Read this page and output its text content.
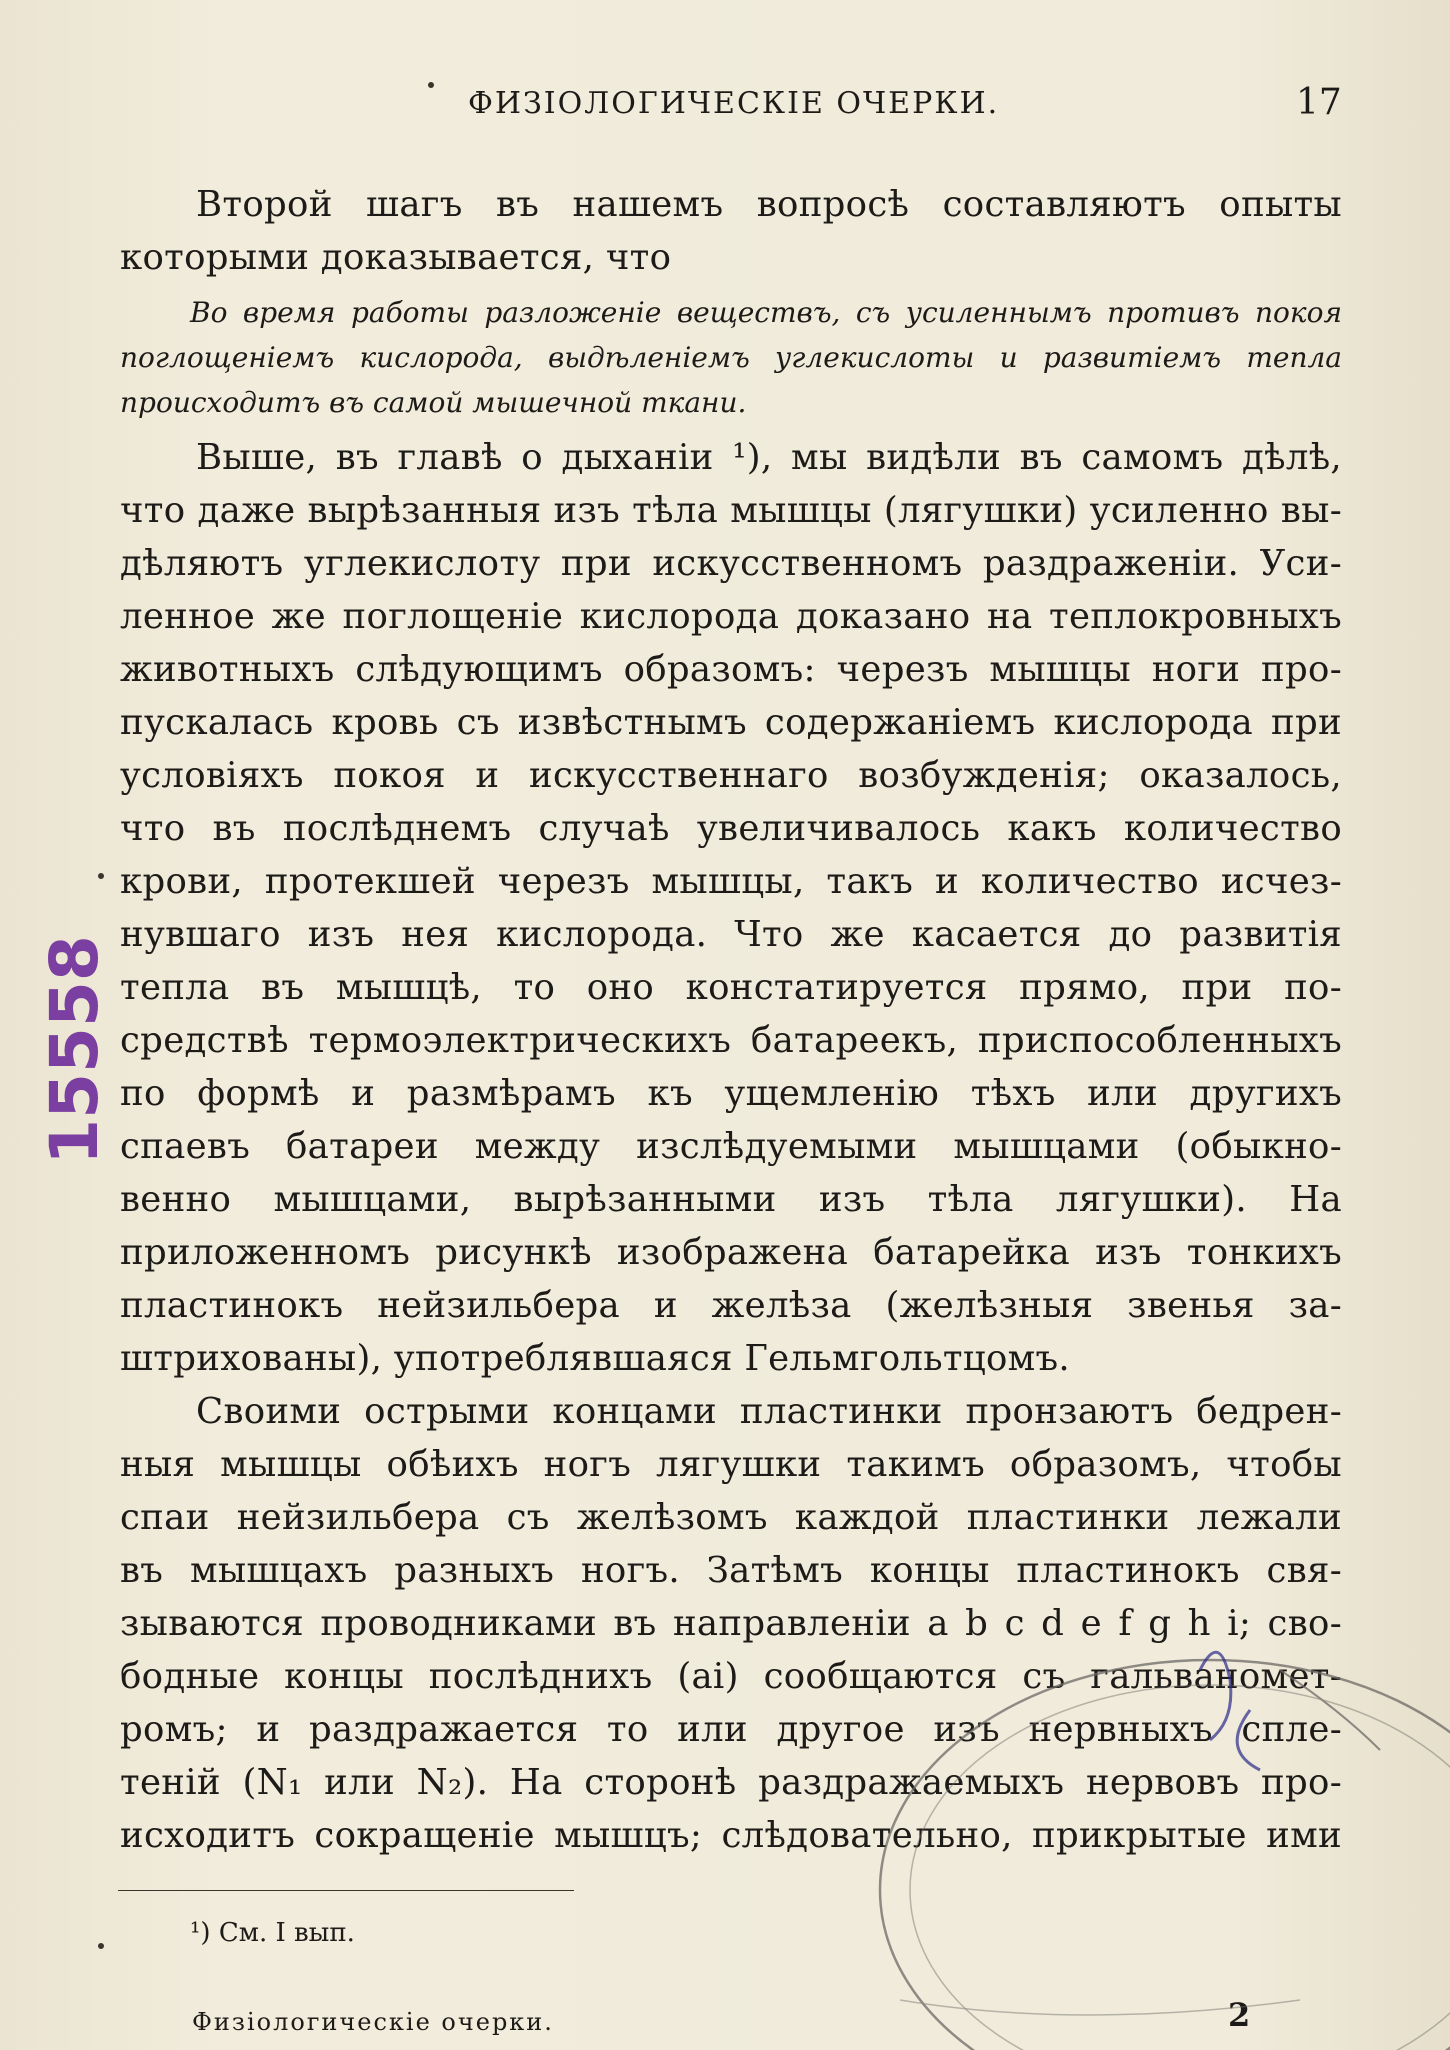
ФИЗIОЛОГИЧЕСКIЕ ОЧЕРКИ.	17
Второй шагъ въ нашемъ вопросѣ составляютъ опыты
которыми доказывается, что
Во время работы разложенiе веществъ, съ усиленнымъ противъ покоя
поглощенiемъ кислорода, выдѣленiемъ углекислоты и развитiемъ тепла
происходитъ въ самой мышечной ткани.
Выше, въ главѣ о дыханiи ¹), мы видѣли въ самомъ дѣлѣ,
что даже вырѣзанныя изъ тѣла мышцы (лягушки) усиленно вы-
дѣляютъ углекислоту при искусственномъ раздраженiи. Уси-
ленное же поглощенiе кислорода доказано на теплокровныхъ
животныхъ слѣдующимъ образомъ: черезъ мышцы ноги про-
пускалась кровь съ извѣстнымъ содержанiемъ кислорода при
условiяхъ покоя и искусственнаго возбужденiя; оказалось,
что въ послѣднемъ случаѣ увеличивалось какъ количество
крови, протекшей черезъ мышцы, такъ и количество исчез-
нувшаго изъ нея кислорода. Что же касается до развитiя
тепла въ мышцѣ, то оно констатируется прямо, при по-
средствѣ термоэлектрическихъ батареекъ, приспособленныхъ
по формѣ и размѣрамъ къ ущемленiю тѣхъ или другихъ
спаевъ батареи между изслѣдуемыми мышцами (обыкно-
венно мышцами, вырѣзанными изъ тѣла лягушки). На
приложенномъ рисункѣ изображена батарейка изъ тонкихъ
пластинокъ нейзильбера и желѣза (желѣзныя звенья за-
штрихованы), употреблявшаяся Гельмгольтцомъ.
Своими острыми концами пластинки пронзаютъ бедрен-
ныя мышцы обѣихъ ногъ лягушки такимъ образомъ, чтобы
спаи нейзильбера съ желѣзомъ каждой пластинки лежали
въ мышцахъ разныхъ ногъ. Затѣмъ концы пластинокъ свя-
зываются проводниками въ направленiи a b c d e f g h i; сво-
бодные концы послѣднихъ (ai) сообщаются съ гальваномет-
ромъ; и раздражается то или другое изъ нервныхъ спле-
тенiй (N₁ или N₂). На сторонѣ раздражаемыхъ нервовъ про-
исходитъ сокращенiе мышцъ; слѣдовательно, прикрытые ими
¹) См. I вып.
Физiологическiе очерки.	2
15558
